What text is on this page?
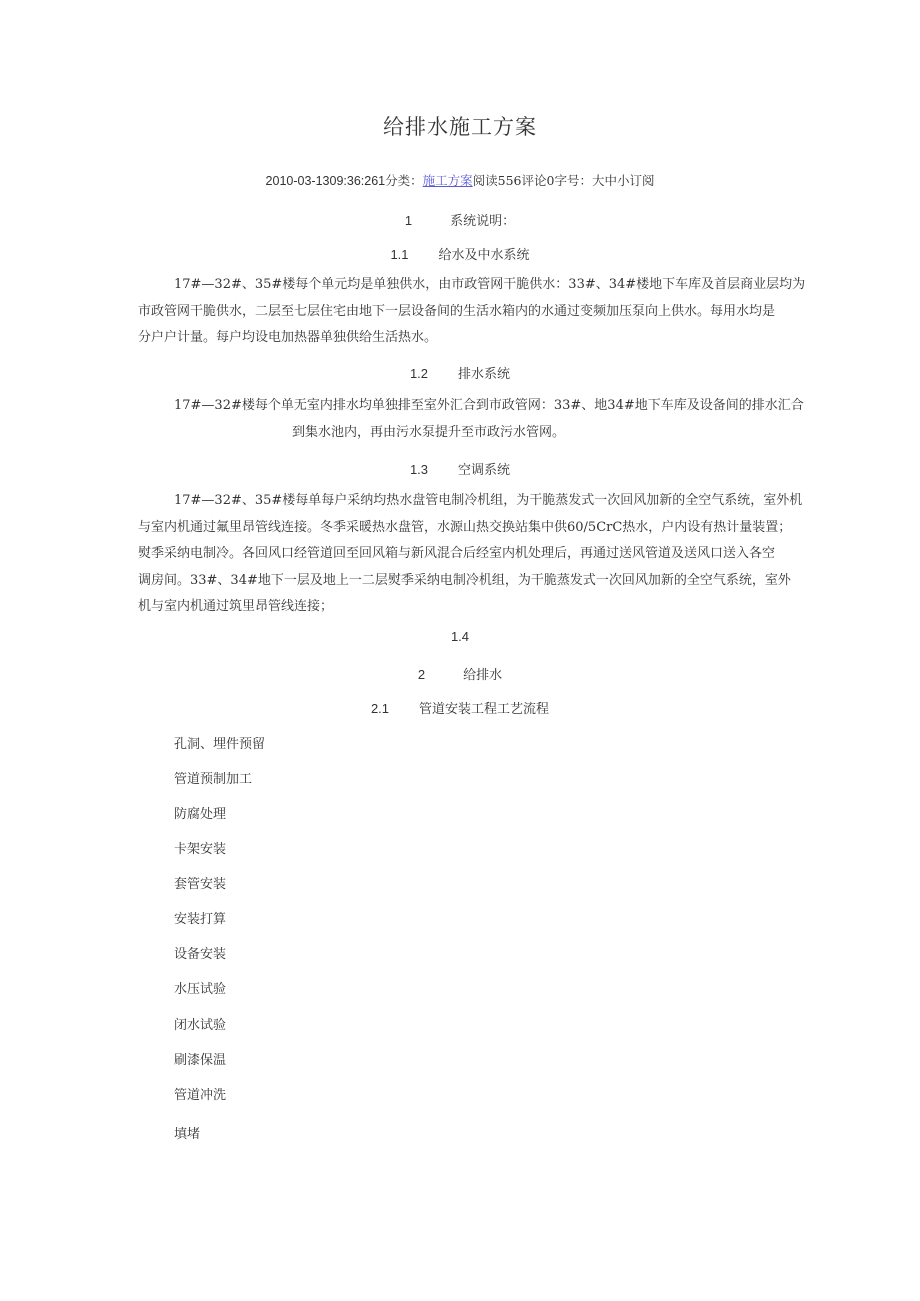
给排水施工方案
2010-03-1309:36:261分类：施工方案阅读556评论0字号：大中小订阅
1	系统说明：
1.1 给水及中水系统
17#—32#、35#楼每个单元均是单独供水，由市政管网干脆供水：33#、34#楼地下车库及首层商业层均为
市政管网干脆供水，二层至七层住宅由地下一层设备间的生活水箱内的水通过变频加压泵向上供水。每用水均是
分户户计量。每户均设电加热器单独供给生活热水。
1.2 排水系统
17#—32#楼每个单无室内排水均单独排至室外汇合到市政管网：33#、地34#地下车库及设备间的排水汇合
到集水池内，再由污水泵提升至市政污水管网。
1.3 空调系统
17#—32#、35#楼每单每户采纳均热水盘管电制冷机组，为干脆蒸发式一次回风加新的全空气系统，室外机
与室内机通过氟里昂管线连接。冬季采暖热水盘管，水源山热交换站集中供60/5CrC热水，户内设有热计量装置；
熨季采纳电制冷。各回风口经管道回至回风箱与新风混合后经室内机处理后，再通过送风管道及送风口送入各空
调房间。33#、34#地下一层及地上一二层熨季采纳电制冷机组，为干脆蒸发式一次回风加新的全空气系统，室外
机与室内机通过筑里昂管线连接；
1.4
2	给排水
2.1 管道安装工程工艺流程
孔洞、埋件预留
管道预制加工
防腐处理
卡架安装
套管安装
安装打算
设备安装
水压试验
闭水试验
刷漆保温
管道冲洗
填堵
